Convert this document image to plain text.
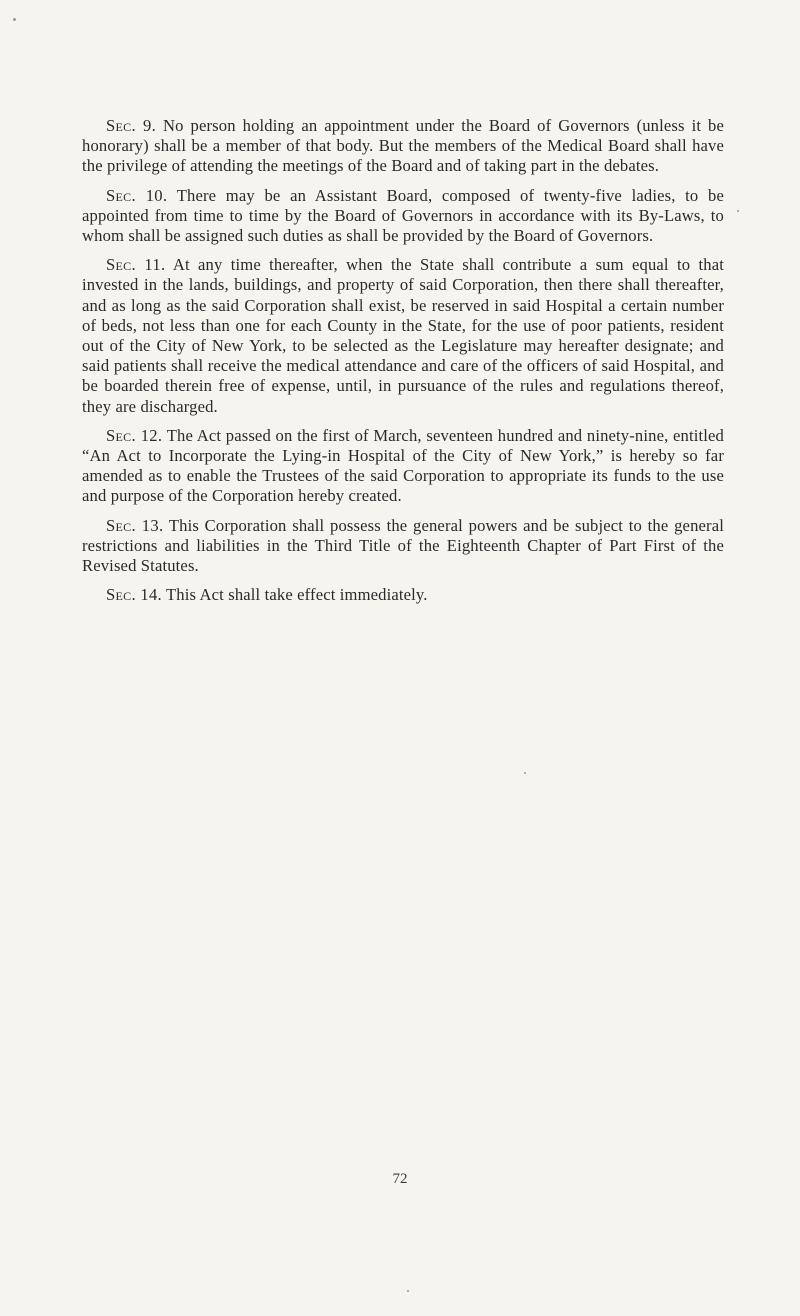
Sec. 9. No person holding an appointment under the Board of Governors (unless it be honorary) shall be a member of that body. But the members of the Medical Board shall have the privilege of attending the meetings of the Board and of taking part in the debates.

Sec. 10. There may be an Assistant Board, composed of twenty-five ladies, to be appointed from time to time by the Board of Governors in accordance with its By-Laws, to whom shall be assigned such duties as shall be provided by the Board of Governors.

Sec. 11. At any time thereafter, when the State shall contribute a sum equal to that invested in the lands, buildings, and property of said Corporation, then there shall thereafter, and as long as the said Corporation shall exist, be reserved in said Hospital a certain number of beds, not less than one for each County in the State, for the use of poor patients, resident out of the City of New York, to be selected as the Legislature may hereafter designate; and said patients shall receive the medical attendance and care of the officers of said Hospital, and be boarded therein free of expense, until, in pursuance of the rules and regulations thereof, they are discharged.

Sec. 12. The Act passed on the first of March, seventeen hundred and ninety-nine, entitled “An Act to Incorporate the Lying-in Hospital of the City of New York,” is hereby so far amended as to enable the Trustees of the said Corporation to appropriate its funds to the use and purpose of the Corporation hereby created.

Sec. 13. This Corporation shall possess the general powers and be subject to the general restrictions and liabilities in the Third Title of the Eighteenth Chapter of Part First of the Revised Statutes.

Sec. 14. This Act shall take effect immediately.

72
